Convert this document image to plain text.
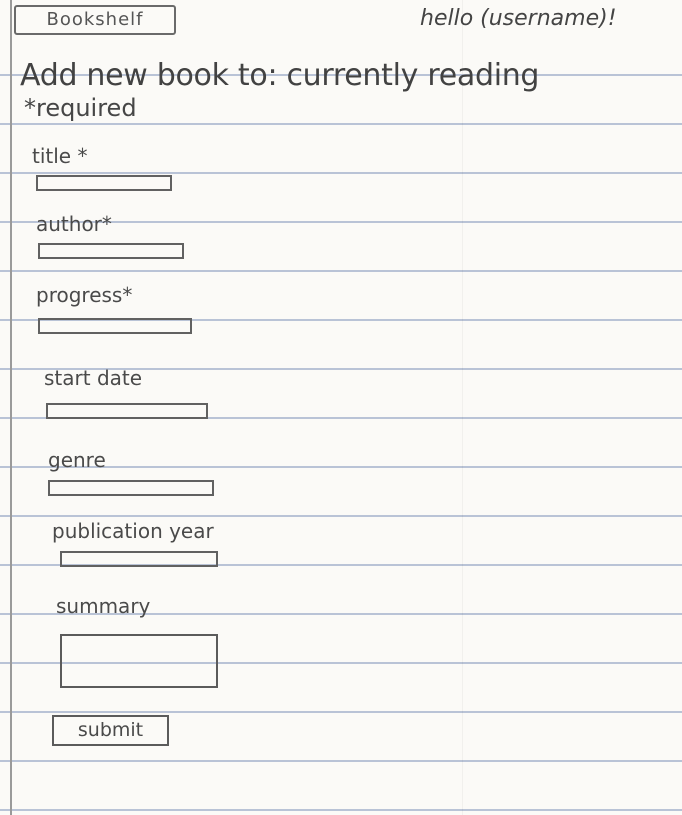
Bookshelf	hello (username)!
Add new book to: currently reading
*required
title *
author*
progress*
start date
genre
publication year
summary
submit
